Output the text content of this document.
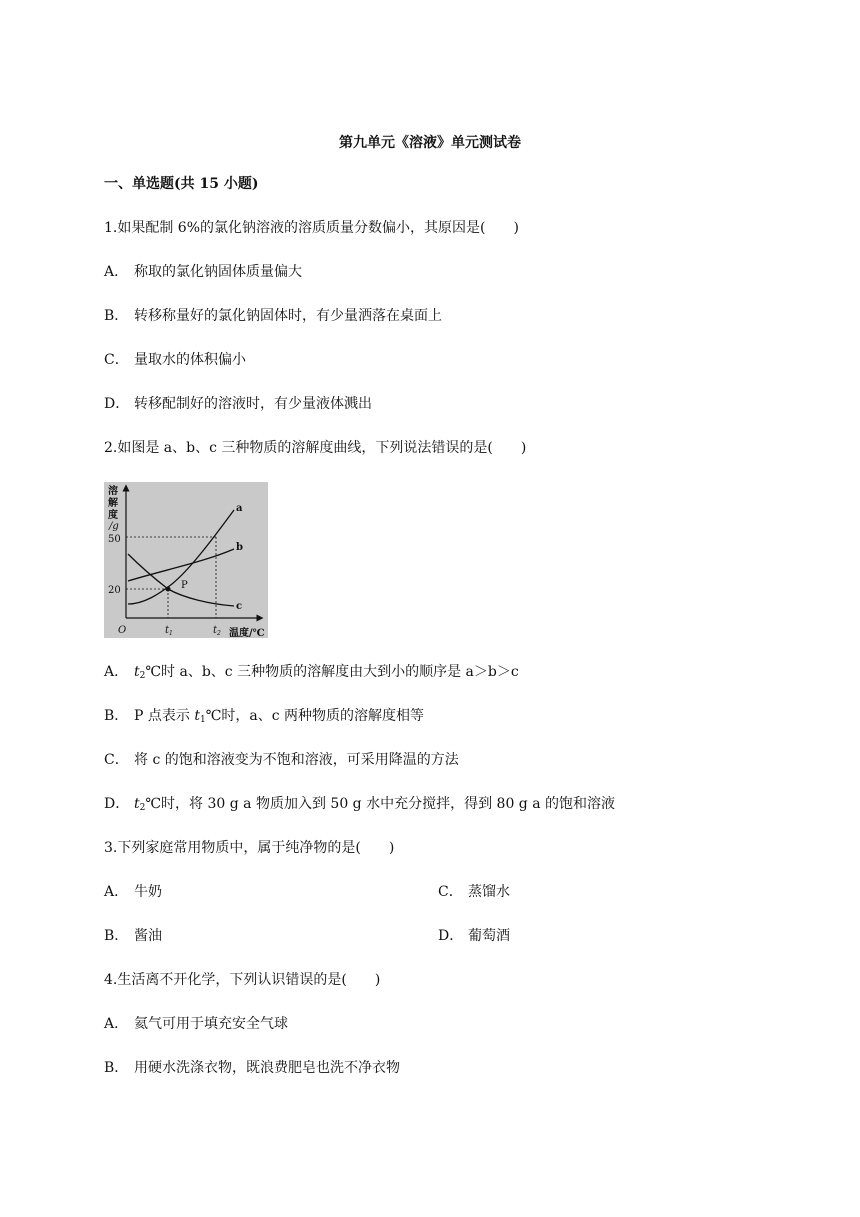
第九单元《溶液》单元测试卷
一、单选题(共 15 小题)
1.如果配制 6%的氯化钠溶液的溶质质量分数偏小，其原因是(　　)
A． 称取的氯化钠固体质量偏大
B． 转移称量好的氯化钠固体时，有少量洒落在桌面上
C． 量取水的体积偏小
D． 转移配制好的溶液时，有少量液体溅出
2.如图是 a、b、c 三种物质的溶解度曲线，下列说法错误的是(　　)
溶
解
度
/g
50
20
O	$t_1$	$t_2$ 温度/℃
P
a
b
c
A． $t_2℃$时 a、b、c 三种物质的溶解度由大到小的顺序是 a＞b＞c
B． P 点表示 $t_1℃$时，a、c 两种物质的溶解度相等
C． 将 c 的饱和溶液变为不饱和溶液，可采用降温的方法
D． $t_2℃$时，将 30 g a 物质加入到 50 g 水中充分搅拌，得到 80 g a 的饱和溶液
3.下列家庭常用物质中，属于纯净物的是(　　)
A． 牛奶	C． 蒸馏水
B． 酱油	D． 葡萄酒
4.生活离不开化学，下列认识错误的是(　　)
A． 氦气可用于填充安全气球
B． 用硬水洗涤衣物，既浪费肥皂也洗不净衣物
